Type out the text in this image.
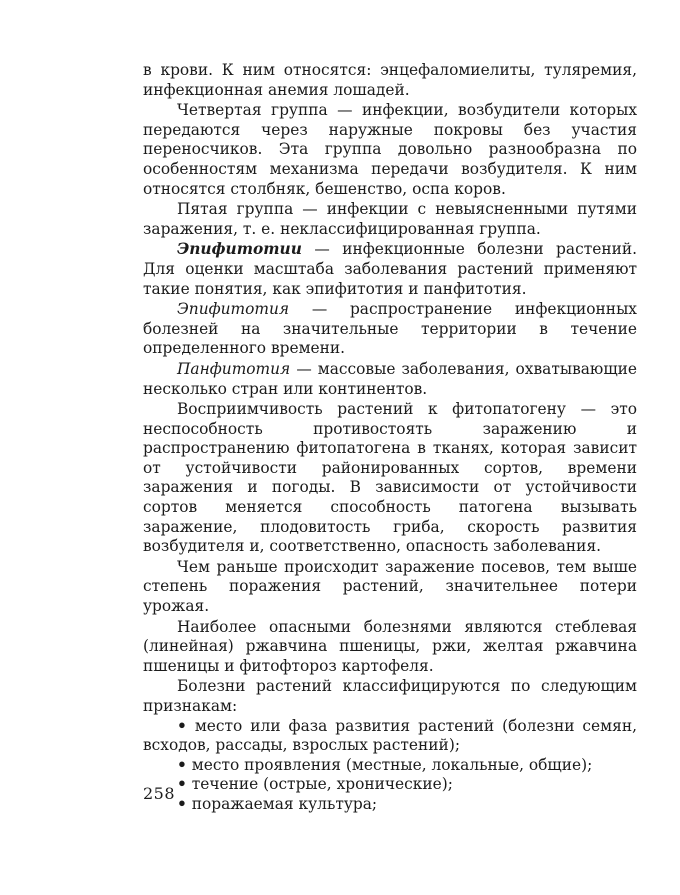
в крови. К ним относятся: энцефаломиелиты, туляремия, инфекционная анемия лошадей.

Четвертая группа — инфекции, возбудители которых передаются через наружные покровы без участия переносчиков. Эта группа довольно разнообразна по особенностям механизма передачи возбудителя. К ним относятся столбняк, бешенство, оспа коров.

Пятая группа — инфекции с невыясненными путями заражения, т. е. неклассифицированная группа.

Эпифитотии — инфекционные болезни растений. Для оценки масштаба заболевания растений применяют такие понятия, как эпифитотия и панфитотия.

Эпифитотия — распространение инфекционных болезней на значительные территории в течение определенного времени.

Панфитотия — массовые заболевания, охватывающие несколько стран или континентов.

Восприимчивость растений к фитопатогену — это неспособность противостоять заражению и распространению фитопатогена в тканях, которая зависит от устойчивости районированных сортов, времени заражения и погоды. В зависимости от устойчивости сортов меняется способность патогена вызывать заражение, плодовитость гриба, скорость развития возбудителя и, соответственно, опасность заболевания.

Чем раньше происходит заражение посевов, тем выше степень поражения растений, значительнее потери урожая.

Наиболее опасными болезнями являются стеблевая (линейная) ржавчина пшеницы, ржи, желтая ржавчина пшеницы и фитофтороз картофеля.

Болезни растений классифицируются по следующим признакам:

• место или фаза развития растений (болезни семян, всходов, рассады, взрослых растений);

• место проявления (местные, локальные, общие);

• течение (острые, хронические);

• поражаемая культура;

258
